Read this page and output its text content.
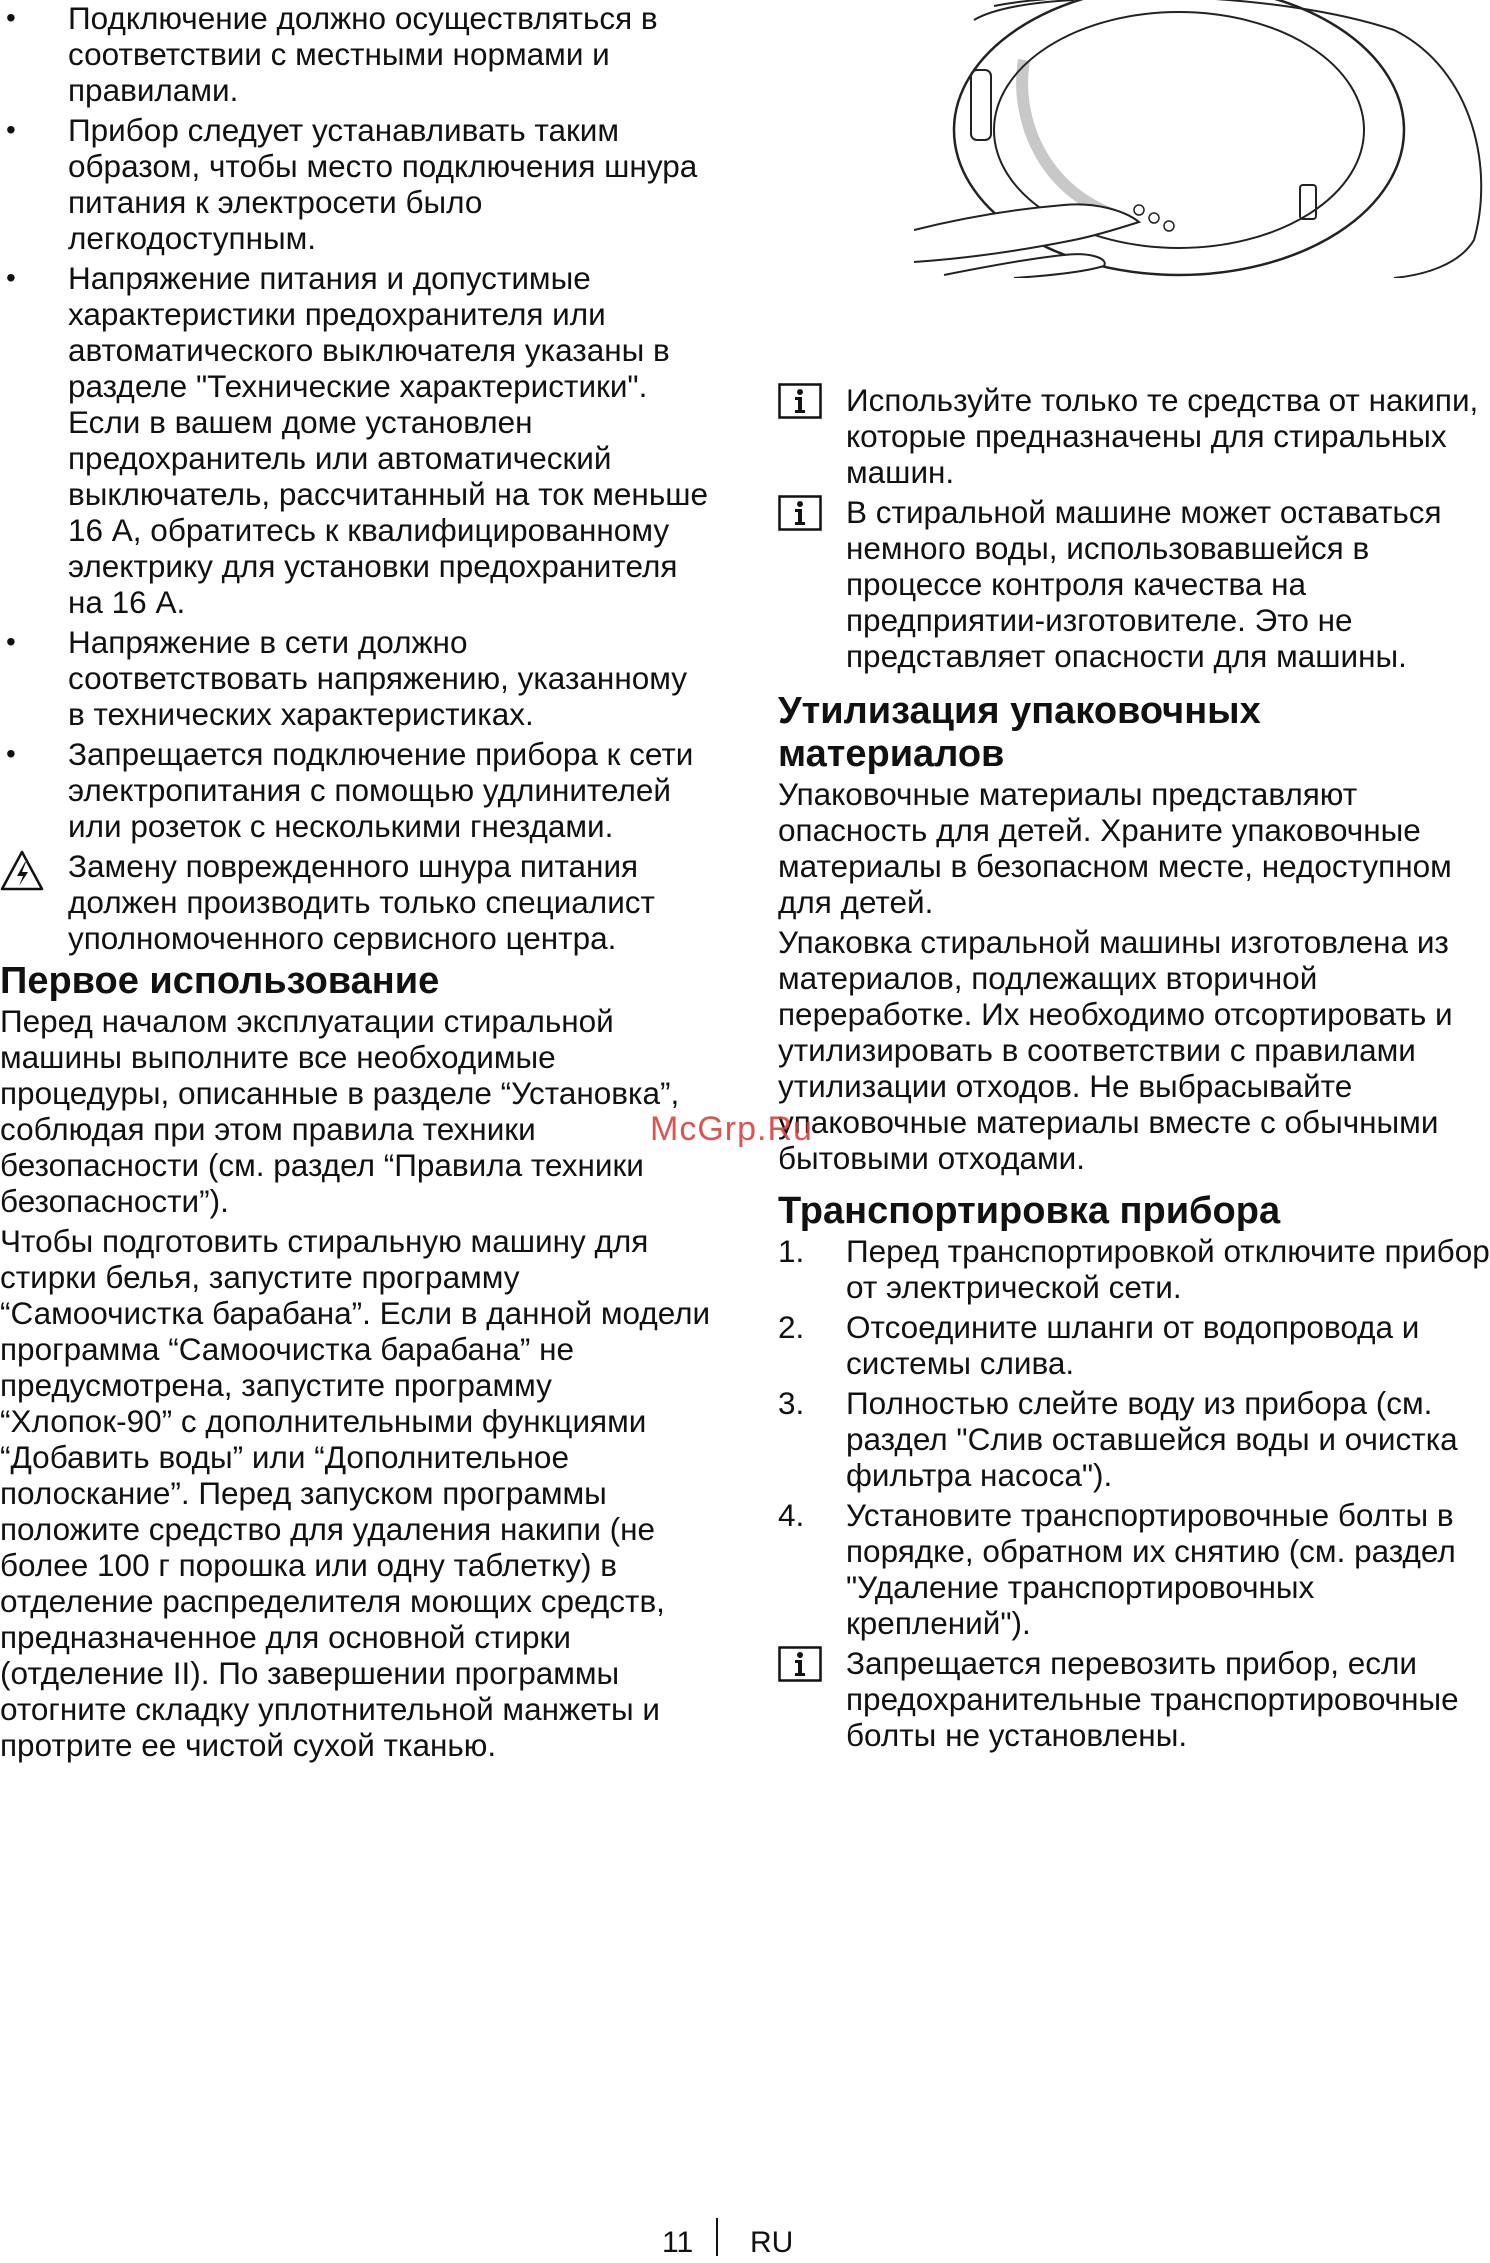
• Подключение должно осуществляться в соответствии с местными нормами и правилами.
• Прибор следует устанавливать таким образом, чтобы место подключения шнура питания к электросети было легкодоступным.
• Напряжение питания и допустимые характеристики предохранителя или автоматического выключателя указаны в разделе "Технические характеристики". Если в вашем доме установлен предохранитель или автоматический выключатель, рассчитанный на ток меньше 16 А, обратитесь к квалифицированному электрику для установки предохранителя на 16 А.
• Напряжение в сети должно соответствовать напряжению, указанному в технических характеристиках.
• Запрещается подключение прибора к сети электропитания с помощью удлинителей или розеток с несколькими гнездами.
Замену поврежденного шнура питания должен производить только специалист уполномоченного сервисного центра.
Первое использование

Перед началом эксплуатации стиральной машины выполните все необходимые процедуры, описанные в разделе “Установка”, соблюдая при этом правила техники безопасности (см. раздел “Правила техники безопасности”).

Чтобы подготовить стиральную машину для стирки белья, запустите программу “Самоочистка барабана”. Если в данной модели программа “Самоочистка барабана” не предусмотрена, запустите программу “Хлопок-90” с дополнительными функциями “Добавить воды” или “Дополнительное полоскание”. Перед запуском программы положите средство для удаления накипи (не более 100 г порошка или одну таблетку) в отделение распределителя моющих средств, предназначенное для основной стирки (отделение II). По завершении программы отогните складку уплотнительной манжеты и протрите ее чистой сухой тканью.

Используйте только те средства от накипи, которые предназначены для стиральных машин.
В стиральной машине может оставаться немного воды, использовавшейся в процессе контроля качества на предприятии-изготовителе. Это не представляет опасности для машины.
Утилизация упаковочных материалов

Упаковочные материалы представляют опасность для детей. Храните упаковочные материалы в безопасном месте, недоступном для детей.

Упаковка стиральной машины изготовлена из материалов, подлежащих вторичной переработке. Их необходимо отсортировать и утилизировать в соответствии с правилами утилизации отходов. Не выбрасывайте упаковочные материалы вместе с обычными бытовыми отходами.

Транспортировка прибора
1. Перед транспортировкой отключите прибор от электрической сети.
2. Отсоедините шланги от водопровода и системы слива.
3. Полностью слейте воду из прибора (см. раздел "Слив оставшейся воды и очистка фильтра насоса").
4. Установите транспортировочные болты в порядке, обратном их снятию (см. раздел "Удаление транспортировочных креплений").
Запрещается перевозить прибор, если предохранительные транспортировочные болты не установлены.
McGrp.Ru
11 RU
